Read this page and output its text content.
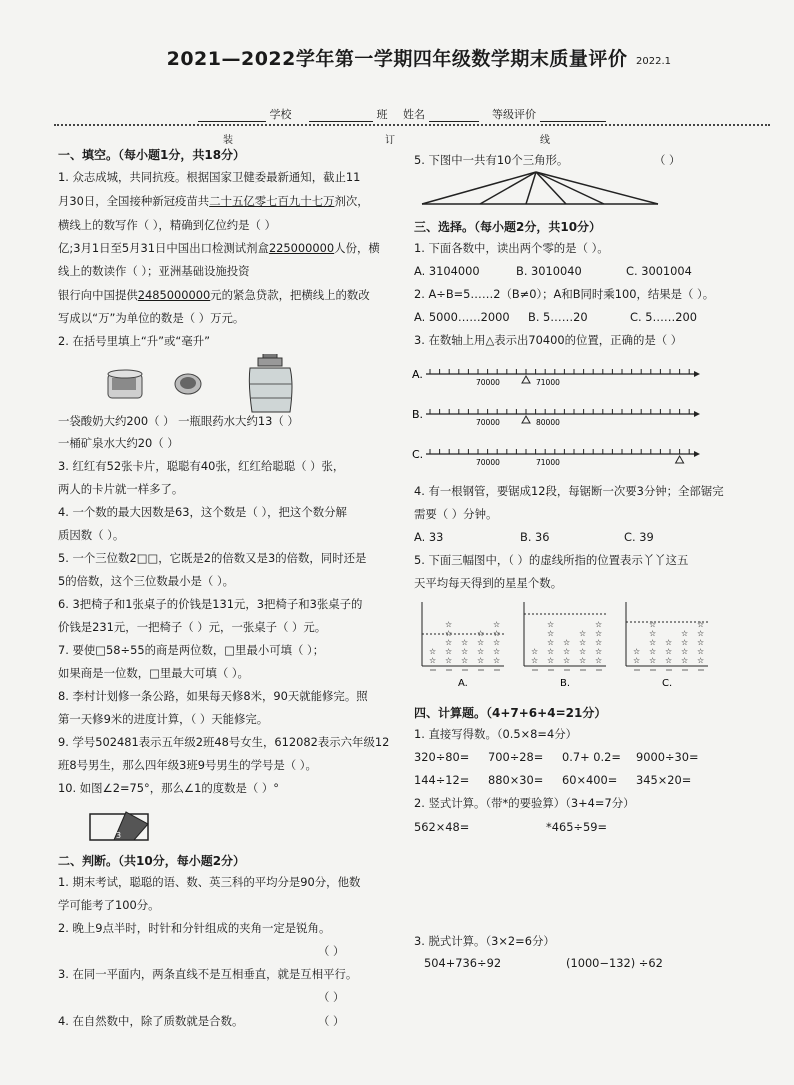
2021—2022学年第一学期四年级数学期末质量评价 2022.1
学校	班 姓名	等级评价
装	订	线
一、填空。（每小题1分，共18分）
1. 众志成城，共同抗疫。根据国家卫健委最新通知，截止11
月30日，全国接种新冠疫苗共二十五亿零七百九十七万剂次，
横线上的数写作（ ），精确到亿位约是（ ）
亿;3月1日至5月31日中国出口检测试剂盒225000000人份，横
线上的数读作（ ）；亚洲基础设施投资
银行向中国提供2485000000元的紧急贷款，把横线上的数改
写成以“万”为单位的数是（ ）万元。
2. 在括号里填上“升”或“毫升”
一袋酸奶大约200（ ） 一瓶眼药水大约13（ ）
一桶矿泉水大约20（ ）
3. 红红有52张卡片，聪聪有40张，红红给聪聪（ ）张，
两人的卡片就一样多了。
4. 一个数的最大因数是63，这个数是（ ），把这个数分解
质因数（ ）。
5. 一个三位数2□□，它既是2的倍数又是3的倍数，同时还是
5的倍数，这个三位数最小是（ ）。
6. 3把椅子和1张桌子的价钱是131元，3把椅子和3张桌子的
价钱是231元，一把椅子（ ）元，一张桌子（ ）元。
7. 要使□58÷55的商是两位数，□里最小可填（ ）；
如果商是一位数，□里最大可填（ ）。
8. 李村计划修一条公路，如果每天修8米，90天就能修完。照
第一天修9米的进度计算，（ ）天能修完。
9. 学号502481表示五年级2班48号女生，612082表示六年级12
班8号男生，那么四年级3班9号男生的学号是（ ）。
10. 如图∠2=75°，那么∠1的度数是（ ）°
3
二、判断。（共10分，每小题2分）
1. 期末考试，聪聪的语、数、英三科的平均分是90分，他数
学可能考了100分。
2. 晚上9点半时，时针和分针组成的夹角一定是锐角。
（ ）
3. 在同一平面内，两条直线不是互相垂直，就是互相平行。
（ ）
4. 在自然数中，除了质数就是合数。	（ ）
5. 下图中一共有10个三角形。	（ ）
三、选择。（每小题2分，共10分）
1. 下面各数中，读出两个零的是（ ）。
A. 3104000	B. 3010040	C. 3001004
2. A÷B=5……2（B≠0）；A和B同时乘100，结果是（ ）。
A. 5000……2000 B. 5……20	C. 5……200
3. 在数轴上用△表示出70400的位置，正确的是（ ）
A.
70000	71000
B.
70000	80000
C.
70000	71000
4. 有一根钢管，要锯成12段，每锯断一次要3分钟；全部锯完
需要（ ）分钟。
A. 33	B. 36	C. 39
5. 下面三幅图中，（ ）的虚线所指的位置表示丫丫这五
天平均每天得到的星星个数。
☆
☆
☆
☆
☆
☆
☆
☆
☆
☆
☆
☆
☆
☆
☆
☆
☆
☆
☆
A.
☆
☆
☆
☆
☆
☆
☆
☆
☆
☆
☆
☆
☆
☆
☆
☆
☆
☆
☆
B.
☆
☆
☆
☆
☆
☆
☆
☆
☆
☆
☆
☆
☆
☆
☆
☆
☆
☆
☆
C.
四、计算题。（4+7+6+4=21分）
1. 直接写得数。（0.5×8=4分）
320÷80= 700÷28= 0.7+ 0.2= 9000÷30=
144÷12= 880×30= 60×400= 345×20=
2. 竖式计算。（带*的要验算）（3+4=7分）
562×48=	*465÷59=
3. 脱式计算。（3×2=6分）
504+736÷92	(1000−132) ÷62
